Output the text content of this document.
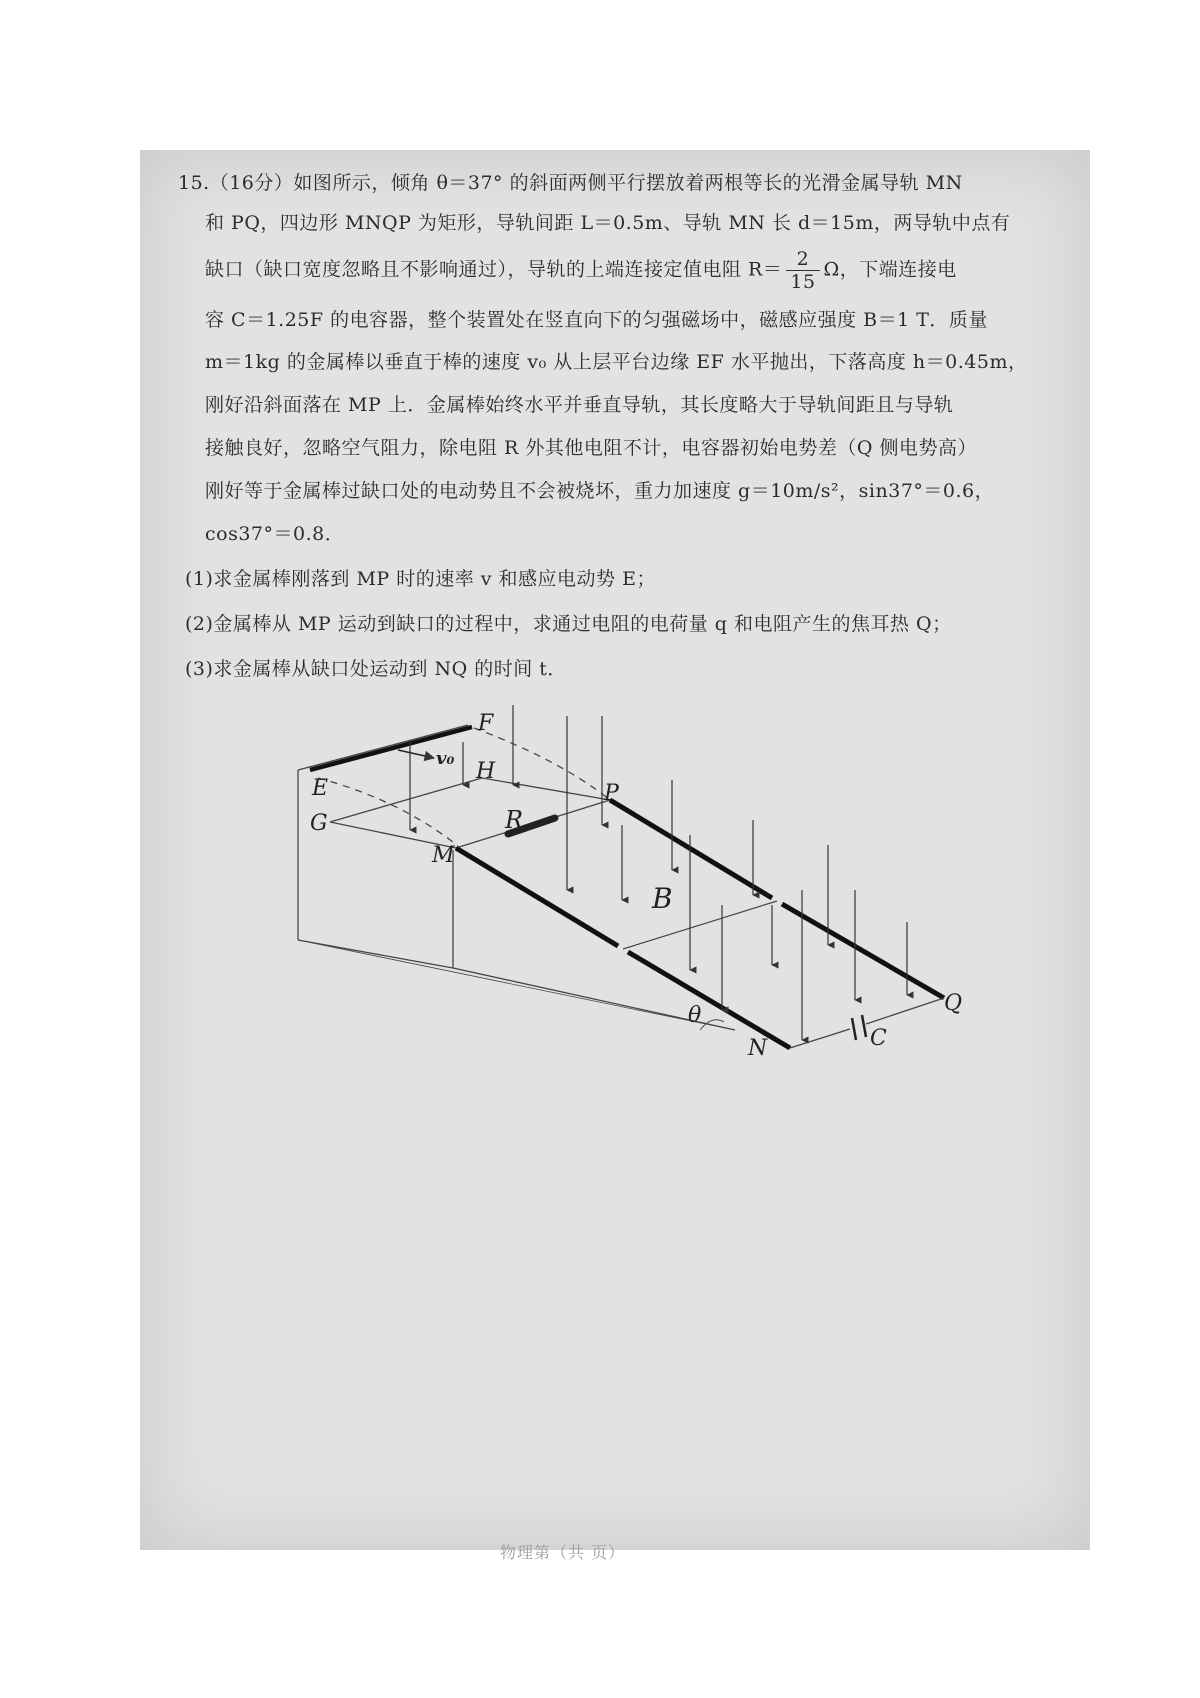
15.（16分）如图所示，倾角 θ＝37° 的斜面两侧平行摆放着两根等长的光滑金属导轨 MN
和 PQ，四边形 MNQP 为矩形，导轨间距 L＝0.5m、导轨 MN 长 d＝15m，两导轨中点有
缺口（缺口宽度忽略且不影响通过），导轨的上端连接定值电阻 $R= \frac{2}{15}$ Ω，下端连接电
容 C＝1.25F 的电容器，整个装置处在竖直向下的匀强磁场中，磁感应强度 B＝1 T．质量
m＝1kg 的金属棒以垂直于棒的速度 v₀ 从上层平台边缘 EF 水平抛出，下落高度 h＝0.45m，
刚好沿斜面落在 MP 上．金属棒始终水平并垂直导轨，其长度略大于导轨间距且与导轨
接触良好，忽略空气阻力，除电阻 R 外其他电阻不计，电容器初始电势差（Q 侧电势高）
刚好等于金属棒过缺口处的电动势且不会被烧坏，重力加速度 g＝10m/s²，sin37°＝0.6，
cos37°＝0.8．
(1)求金属棒刚落到 MP 时的速率 v 和感应电动势 E；
(2)金属棒从 MP 运动到缺口的过程中，求通过电阻的电荷量 q 和电阻产生的焦耳热 Q；
(3)求金属棒从缺口处运动到 NQ 的时间 t．
F
E
G
H
P
M
R
B
θ
N	C
Q
v₀
物理第（共 页）
